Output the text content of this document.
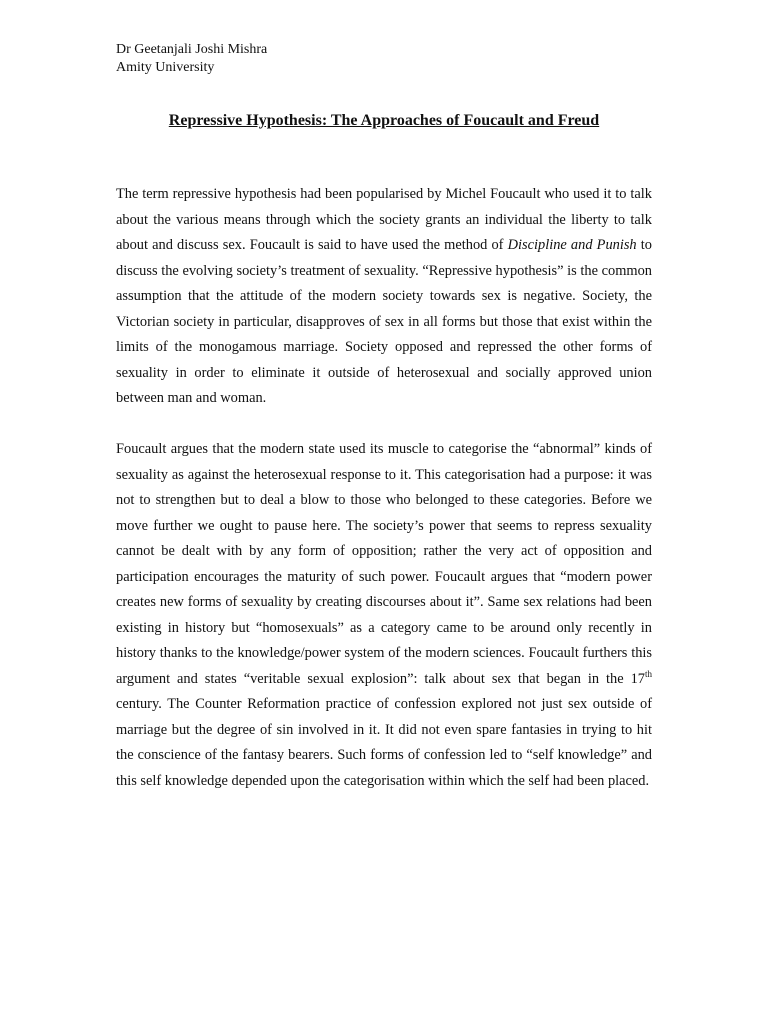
Dr Geetanjali Joshi Mishra
Amity University
Repressive Hypothesis: The Approaches of Foucault and Freud

The term repressive hypothesis had been popularised by Michel Foucault who used it to talk about the various means through which the society grants an individual the liberty to talk about and discuss sex. Foucault is said to have used the method of Discipline and Punish to discuss the evolving society’s treatment of sexuality. “Repressive hypothesis” is the common assumption that the attitude of the modern society towards sex is negative. Society, the Victorian society in particular, disapproves of sex in all forms but those that exist within the limits of the monogamous marriage. Society opposed and repressed the other forms of sexuality in order to eliminate it outside of heterosexual and socially approved union between man and woman.

Foucault argues that the modern state used its muscle to categorise the “abnormal” kinds of sexuality as against the heterosexual response to it. This categorisation had a purpose: it was not to strengthen but to deal a blow to those who belonged to these categories. Before we move further we ought to pause here. The society’s power that seems to repress sexuality cannot be dealt with by any form of opposition; rather the very act of opposition and participation encourages the maturity of such power. Foucault argues that “modern power creates new forms of sexuality by creating discourses about it”. Same sex relations had been existing in history but “homosexuals” as a category came to be around only recently in history thanks to the knowledge/power system of the modern sciences. Foucault furthers this argument and states “veritable sexual explosion”: talk about sex that began in the 17th century. The Counter Reformation practice of confession explored not just sex outside of marriage but the degree of sin involved in it. It did not even spare fantasies in trying to hit the conscience of the fantasy bearers. Such forms of confession led to “self knowledge” and this self knowledge depended upon the categorisation within which the self had been placed.
